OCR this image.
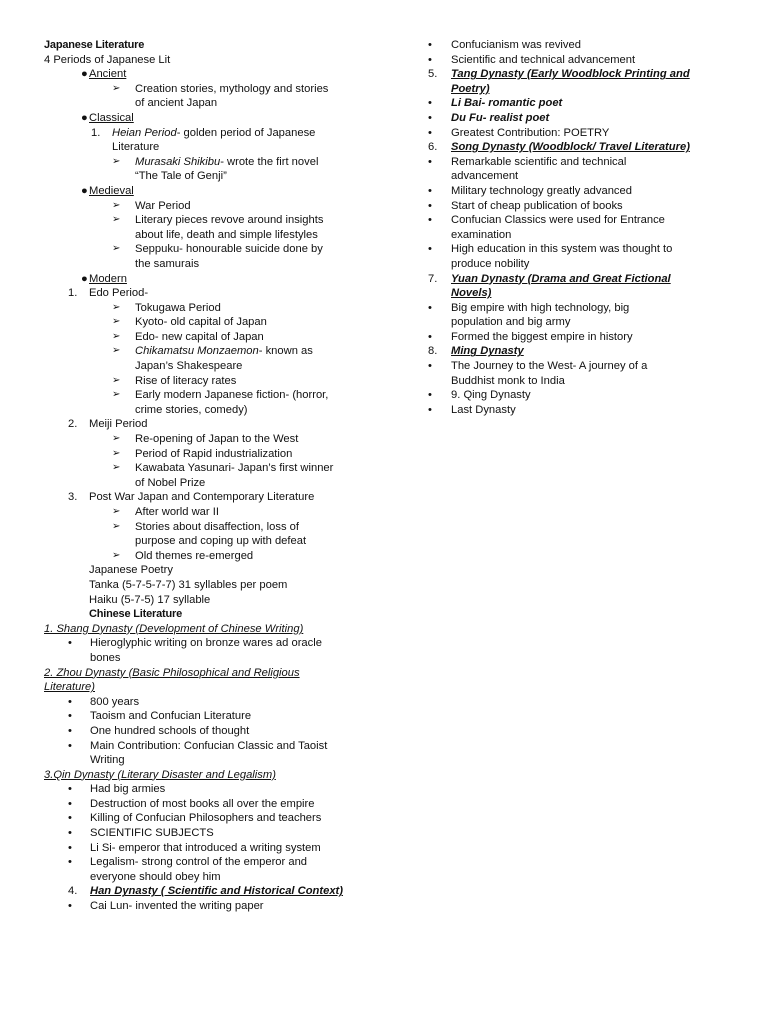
Japanese Literature
4 Periods of Japanese Lit
● Ancient
➢ Creation stories, mythology and stories
of ancient Japan
● Classical
1. Heian Period- golden period of Japanese
Literature
➢ Murasaki Shikibu- wrote the firt novel
“The Tale of Genji”
● Medieval
➢ War Period
➢ Literary pieces revove around insights
about life, death and simple lifestyles
➢ Seppuku- honourable suicide done by
the samurais
● Modern
1. Edo Period-
➢ Tokugawa Period
➢ Kyoto- old capital of Japan
➢ Edo- new capital of Japan
➢ Chikamatsu Monzaemon- known as
Japan’s Shakespeare
➢ Rise of literacy rates
➢ Early modern Japanese fiction- (horror,
crime stories, comedy)
2. Meiji Period
➢ Re-opening of Japan to the West
➢ Period of Rapid industrialization
➢ Kawabata Yasunari- Japan’s first winner
of Nobel Prize
3. Post War Japan and Contemporary Literature
➢ After world war II
➢ Stories about disaffection, loss of
purpose and coping up with defeat
➢ Old themes re-emerged
Japanese Poetry
Tanka (5-7-5-7-7) 31 syllables per poem
Haiku (5-7-5) 17 syllable
Chinese Literature
1. Shang Dynasty (Development of Chinese Writing)
• Hieroglyphic writing on bronze wares ad oracle
bones
2. Zhou Dynasty (Basic Philosophical and Religious
Literature)
• 800 years
• Taoism and Confucian Literature
• One hundred schools of thought
• Main Contribution: Confucian Classic and Taoist
Writing
3.Qin Dynasty (Literary Disaster and Legalism)
• Had big armies
• Destruction of most books all over the empire
• Killing of Confucian Philosophers and teachers
• SCIENTIFIC SUBJECTS
• Li Si- emperor that introduced a writing system
• Legalism- strong control of the emperor and
everyone should obey him
4. Han Dynasty ( Scientific and Historical Context)
• Cai Lun- invented the writing paper
• Confucianism was revived
• Scientific and technical advancement
5. Tang Dynasty (Early Woodblock Printing and
Poetry)
• Li Bai- romantic poet
• Du Fu- realist poet
• Greatest Contribution: POETRY
6. Song Dynasty (Woodblock/ Travel Literature)
• Remarkable scientific and technical
advancement
• Military technology greatly advanced
• Start of cheap publication of books
• Confucian Classics were used for Entrance
examination
• High education in this system was thought to
produce nobility
7. Yuan Dynasty (Drama and Great Fictional
Novels)
• Big empire with high technology, big
population and big army
• Formed the biggest empire in history
8. Ming Dynasty
• The Journey to the West- A journey of a
Buddhist monk to India
• 9. Qing Dynasty
• Last Dynasty
